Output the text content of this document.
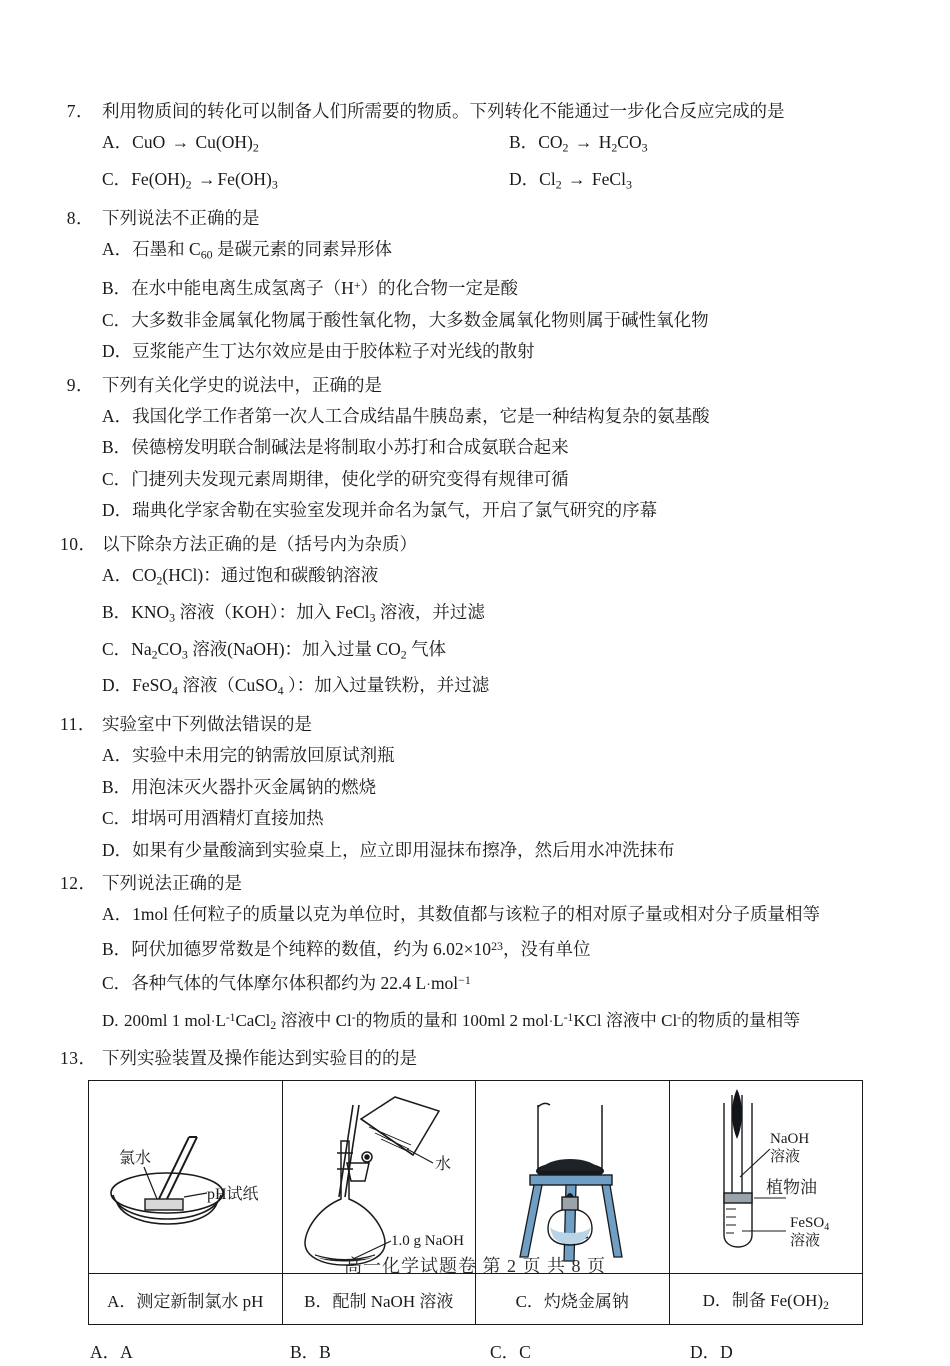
7． 利用物质间的转化可以制备人们所需要的物质。下列转化不能通过一步化合反应完成的是
A．CuO → $Cu(OH)_2$	B．$CO_2 \to H_2CO_3$
C．$Fe(OH)_2 \to Fe(OH)_3$	D．$Cl_2$ → FeCl$_3$
8． 下列说法不正确的是
A．石墨和 $C_{60}$ 是碳元素的同素异形体
B．在水中能电离生成氢离子（H+）的化合物一定是酸
C．大多数非金属氧化物属于酸性氧化物，大多数金属氧化物则属于碱性氧化物
D．豆浆能产生丁达尔效应是由于胶体粒子对光线的散射
9． 下列有关化学史的说法中，正确的是
A．我国化学工作者第一次人工合成结晶牛胰岛素，它是一种结构复杂的氨基酸
B．侯德榜发明联合制碱法是将制取小苏打和合成氨联合起来
C．门捷列夫发现元素周期律，使化学的研究变得有规律可循
D．瑞典化学家舍勒在实验室发现并命名为氯气，开启了氯气研究的序幕
10． 以下除杂方法正确的是（括号内为杂质）
A．$CO_2(HCl)$：通过饱和碳酸钠溶液
B．$KNO_3$ 溶液（KOH）：加入 FeCl$_3$ 溶液，并过滤
C．$Na_2CO_3$ 溶液(NaOH)：加入过量 $CO_2$ 气体
D．FeSO$_4$ 溶液（CuSO$_4$ ）：加入过量铁粉，并过滤
11． 实验室中下列做法错误的是
A．实验中未用完的钠需放回原试剂瓶
B．用泡沫灭火器扑灭金属钠的燃烧
C．坩埚可用酒精灯直接加热
D．如果有少量酸滴到实验桌上，应立即用湿抹布擦净，然后用水冲洗抹布
12． 下列说法正确的是
A．1mol 任何粒子的质量以克为单位时，其数值都与该粒子的相对原子量或相对分子质量相等
B．阿伏加德罗常数是个纯粹的数值，约为 $6.02\times 10^{23}$，没有单位
C．各种气体的气体摩尔体积都约为 22.4 L·mol$^{-1}$
D. 200ml 1 $mol\cdot L^{-1}CaCl_2$ 溶液中 Cl-的物质的量和 100ml 2 $mol\cdot L^{-1}KCl$ 溶液中 Cl-的物质的量相等
13． 下列实验装置及操作能达到实验目的的是
氯水
pH试纸	水
1.0 g NaOH		NaOH
溶液
植物油
FeSO$_4$
溶液

A．测定新制氯水 pH	B．配制 NaOH 溶液	C．灼烧金属钠	D．制备 $Fe(OH)_2$
A．A	B．B	C．C	D．D
高一化学试题卷 第 2 页 共 8 页
